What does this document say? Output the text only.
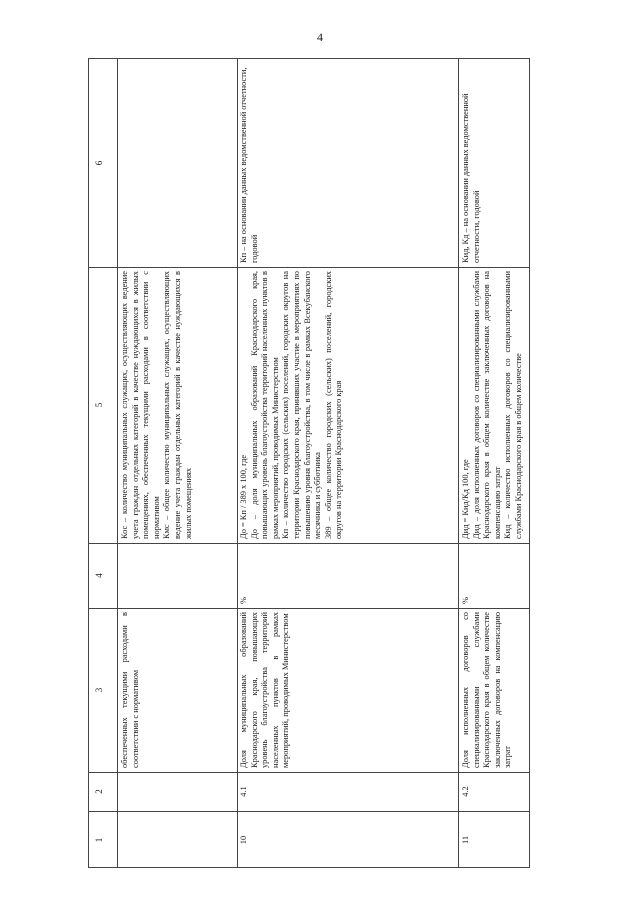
4
1
2
3
4
5
6
обеспеченных текущими расходами в соответствии с нормативом
Кос – количество муниципальных служащих, осуществляющих ведение учета граждан отдельных категорий в качестве нуждающихся в жилых помещениях, обеспеченных текущими расходами в соответствии с нормативом Кмс – общее количество муниципальных служащих, осуществляющих ведение учета граждан отдельных категорий в качестве нуждающихся в жилых помещениях
10
4.1
Доля муниципальных образований Краснодарского края, повышающих уровень благоустройства территорий населенных пунктов в рамках мероприятий, проводимых Министерством
%
До = Кп / 389 х 100, где До – доля муниципальных образований Краснодарского края, повышающих уровень благоустройства территорий населенных пунктов в рамках мероприятий, проводимых Министерством Кп – количество городских (сельских) поселений, городских округов на территории Краснодарского края, принявших участие в мероприятиях по повышению уровня благоустройства, в том числе в рамках Всекубанского месячника и субботника 389 – общее количество городских (сельских) поселений, городских округов на территории Краснодарского края
Кп – на основании данных ведомственной отчетности, годовой
11
4.2
Доля исполненных договоров со специализированными службами Краснодарского края в общем количестве заключенных договоров на компенсацию затрат
%
Дид = Кид/Кд 100, где Дид – доля исполненных договоров со специализированными службами Краснодарского края в общем количестве заключенных договоров на компенсацию затрат Кид – количество исполненных договоров со специализированными службами Краснодарского края в общем количестве
Кид, Кд – на основании данных ведомственной отчетности, годовой
